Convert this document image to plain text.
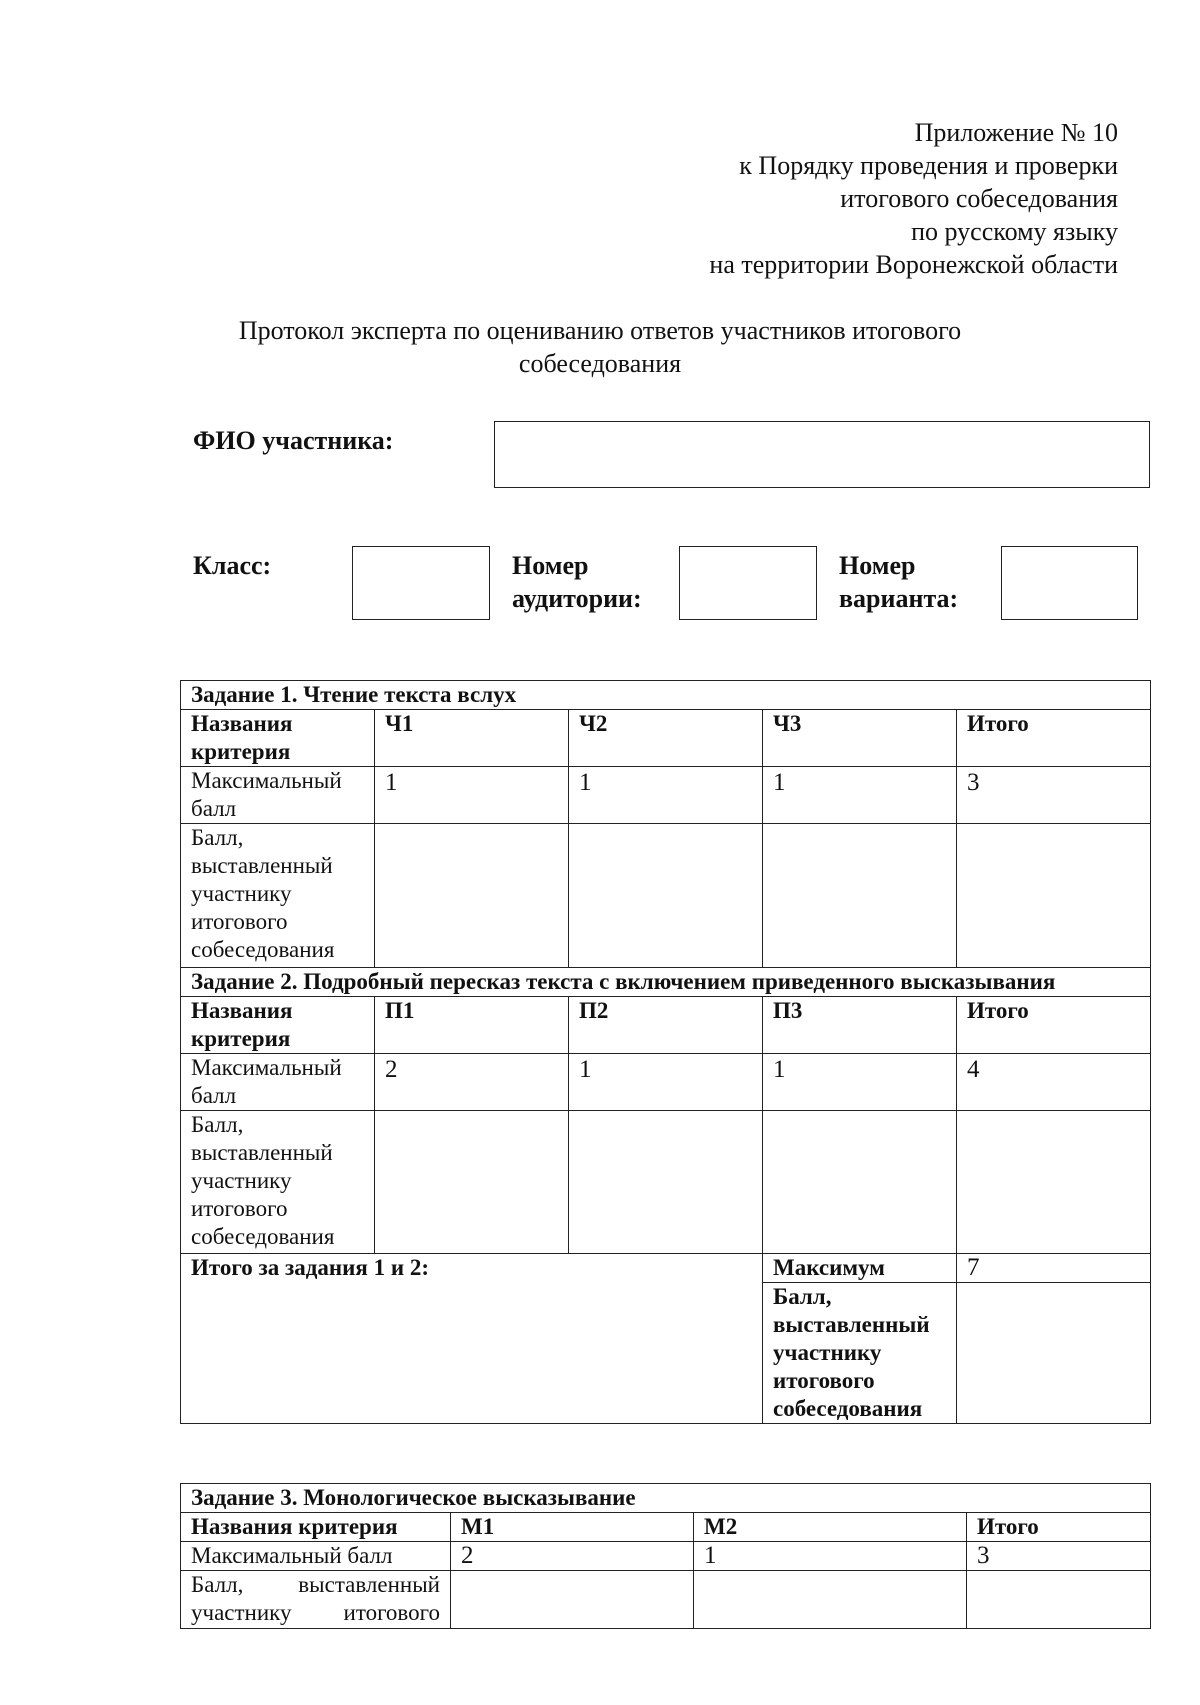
Приложение № 10
к Порядку проведения и проверки
итогового собеседования
по русскому языку
на территории Воронежской области
Протокол эксперта по оцениванию ответов участников итогового
собеседования
ФИО участника:
Класс:	Номер
аудитории:
Номер
варианта:
Задание 1. Чтение текста вслух				
Названия критерия	Ч1	Ч2	Ч3	Итого
Максимальный балл	1	1	1	3
Балл, выставленный участнику итогового собеседования				
Задание 2. Подробный пересказ текста с включением приведенного высказывания				
Названия критерия	П1	П2	П3	Итого
Максимальный балл	2	1	1	4
Балл, выставленный участнику итогового собеседования				
Итого за задания 1 и 2:			Максимум	7
			Балл, выставленный участнику итогового собеседования	
Задание 3. Монологическое высказывание			
Названия критерия	М1	М2	Итого
Максимальный балл	2	1	3

Балл, выставленный
участнику итогового			
